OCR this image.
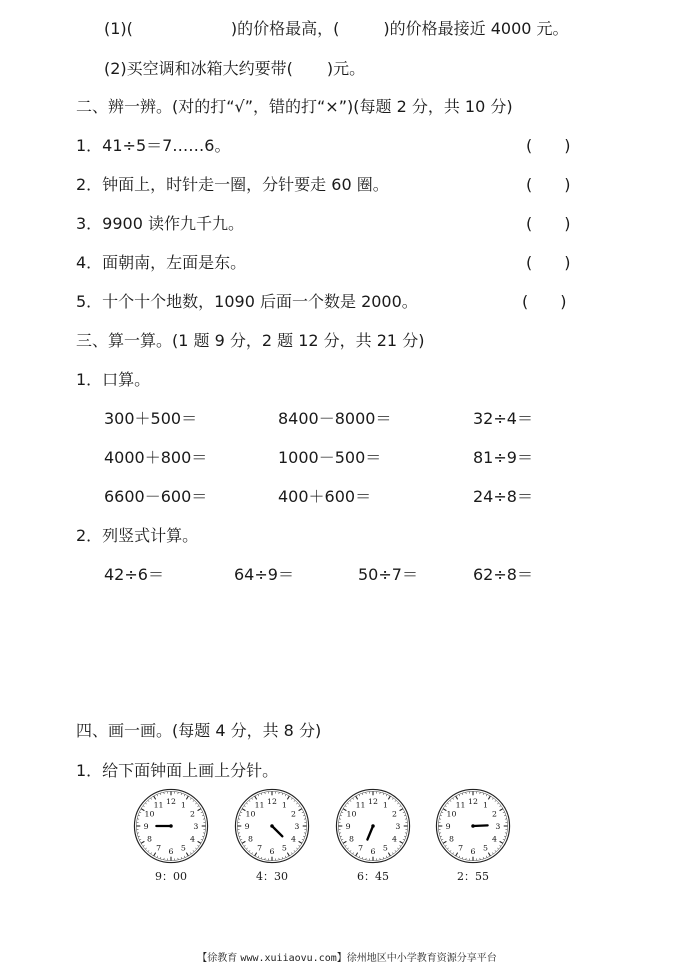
(1)(	)的价格最高，(	)的价格最接近 4000 元。
(2)买空调和冰箱大约要带( )元。
二、辨一辨。(对的打“√”，错的打“×”)(每题 2 分，共 10 分)
1．41÷5＝7……6。	(　　)
2．钟面上，时针走一圈，分针要走 60 圈。	(　　)
3．9900 读作九千九。	(　　)
4．面朝南，左面是东。	(　　)
5．十个十个地数，1090 后面一个数是 2000。	(　　)
三、算一算。(1 题 9 分，2 题 12 分，共 21 分)
1．口算。
300＋500＝	8400－8000＝	32÷4＝
4000＋800＝	1000－500＝	81÷9＝
6600－600＝	400＋600＝	24÷8＝
2．列竖式计算。
42÷6＝	64÷9＝	50÷7＝	62÷8＝
四、画一画。(每题 4 分，共 8 分)
1．给下面钟面上画上分针。
12 1
2
3
4
5
6
7
8
9
10
11
9：00
12 1
2
3
4
5
6
7
8
9
10
11
4：30
12 1
2
3
4
5
6
7
8
9
10
11
6：45
12 1
2
3
4
5
6
7
8
9
10
11
2：55
【徐教育 www.xuiiaovu.com】徐州地区中小学教育资源分享平台
